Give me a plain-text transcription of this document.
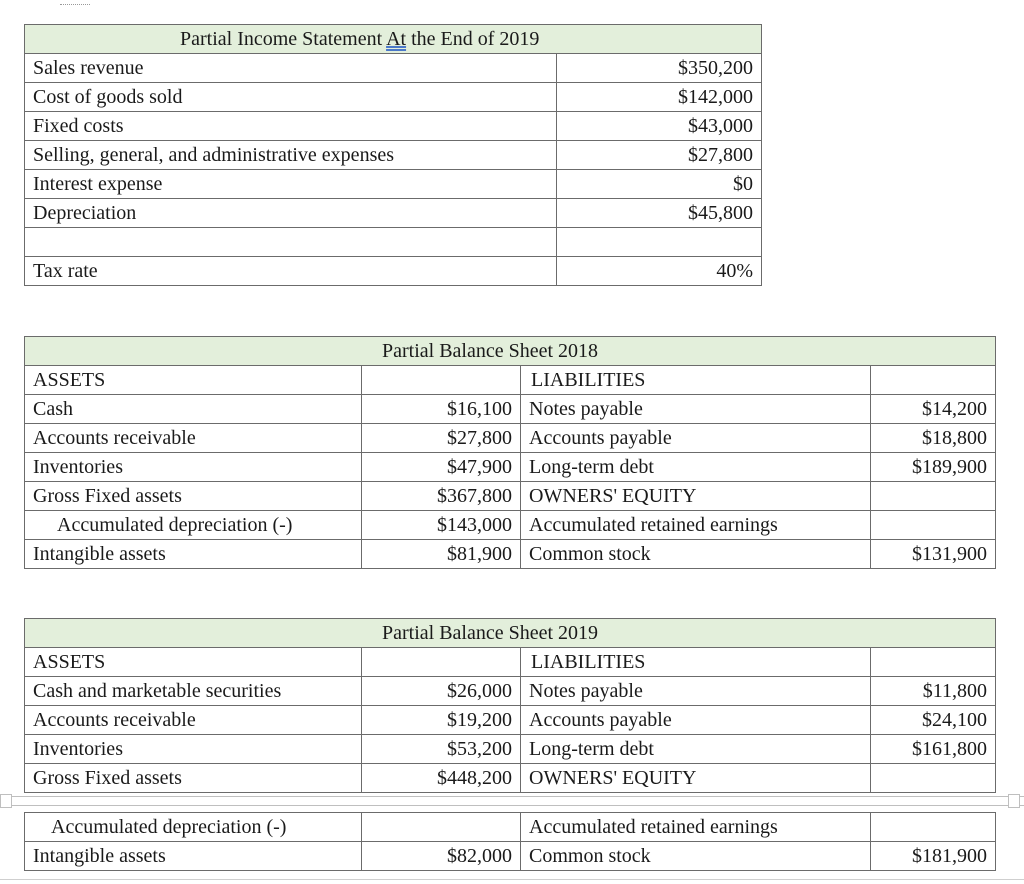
Partial Income Statement At the End of 2019	
Sales revenue	$350,200
Cost of goods sold	$142,000
Fixed costs	$43,000
Selling, general, and administrative expenses	$27,800
Interest expense	$0
Depreciation	$45,800

Tax rate	40%
Partial Balance Sheet 2018			
ASSETS		LIABILITIES	
Cash	$16,100	Notes payable	$14,200
Accounts receivable	$27,800	Accounts payable	$18,800
Inventories	$47,900	Long-term debt	$189,900
Gross Fixed assets	$367,800	OWNERS' EQUITY	
Accumulated depreciation (-)	$143,000	Accumulated retained earnings	
Intangible assets	$81,900	Common stock	$131,900
Partial Balance Sheet 2019			
ASSETS		LIABILITIES	
Cash and marketable securities	$26,000	Notes payable	$11,800
Accounts receivable	$19,200	Accounts payable	$24,100
Inventories	$53,200	Long-term debt	$161,800
Gross Fixed assets	$448,200	OWNERS' EQUITY	
Accumulated depreciation (-)		Accumulated retained earnings	
Intangible assets	$82,000	Common stock	$181,900
